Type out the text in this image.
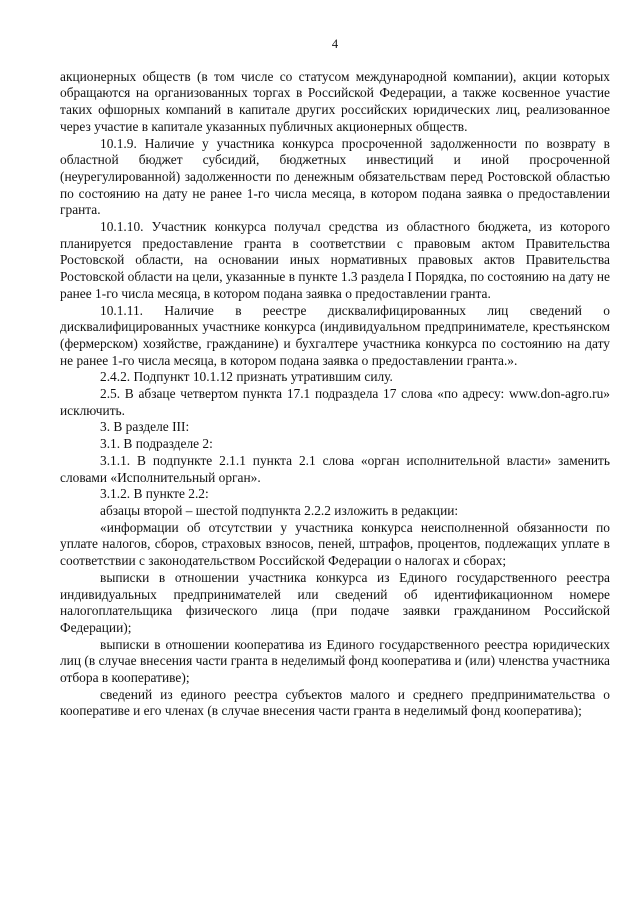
4

акционерных обществ (в том числе со статусом международной компании), акции которых обращаются на организованных торгах в Российской Федерации, а также косвенное участие таких офшорных компаний в капитале других российских юридических лиц, реализованное через участие в капитале указанных публичных акционерных обществ.

10.1.9. Наличие у участника конкурса просроченной задолженности по возврату в областной бюджет субсидий, бюджетных инвестиций и иной просроченной (неурегулированной) задолженности по денежным обязательствам перед Ростовской областью по состоянию на дату не ранее 1-го числа месяца, в котором подана заявка о предоставлении гранта.

10.1.10. Участник конкурса получал средства из областного бюджета, из которого планируется предоставление гранта в соответствии с правовым актом Правительства Ростовской области, на основании иных нормативных правовых актов Правительства Ростовской области на цели, указанные в пункте 1.3 раздела I Порядка, по состоянию на дату не ранее 1-го числа месяца, в котором подана заявка о предоставлении гранта.

10.1.11. Наличие в реестре дисквалифицированных лиц сведений о дисквалифицированных участнике конкурса (индивидуальном предпринимателе, крестьянском (фермерском) хозяйстве, гражданине) и бухгалтере участника конкурса по состоянию на дату не ранее 1-го числа месяца, в котором подана заявка о предоставлении гранта.».

2.4.2. Подпункт 10.1.12 признать утратившим силу.

2.5. В абзаце четвертом пункта 17.1 подраздела 17 слова «по адресу: www.don-agro.ru» исключить.

3. В разделе III:

3.1. В подразделе 2:

3.1.1. В подпункте 2.1.1 пункта 2.1 слова «орган исполнительной власти» заменить словами «Исполнительный орган».

3.1.2. В пункте 2.2:

абзацы второй – шестой подпункта 2.2.2 изложить в редакции:

«информации об отсутствии у участника конкурса неисполненной обязанности по уплате налогов, сборов, страховых взносов, пеней, штрафов, процентов, подлежащих уплате в соответствии с законодательством Российской Федерации о налогах и сборах;

выписки в отношении участника конкурса из Единого государственного реестра индивидуальных предпринимателей или сведений об идентификационном номере налогоплательщика физического лица (при подаче заявки гражданином Российской Федерации);

выписки в отношении кооператива из Единого государственного реестра юридических лиц (в случае внесения части гранта в неделимый фонд кооператива и (или) членства участника отбора в кооперативе);

сведений из единого реестра субъектов малого и среднего предпринимательства о кооперативе и его членах (в случае внесения части гранта в неделимый фонд кооператива);
